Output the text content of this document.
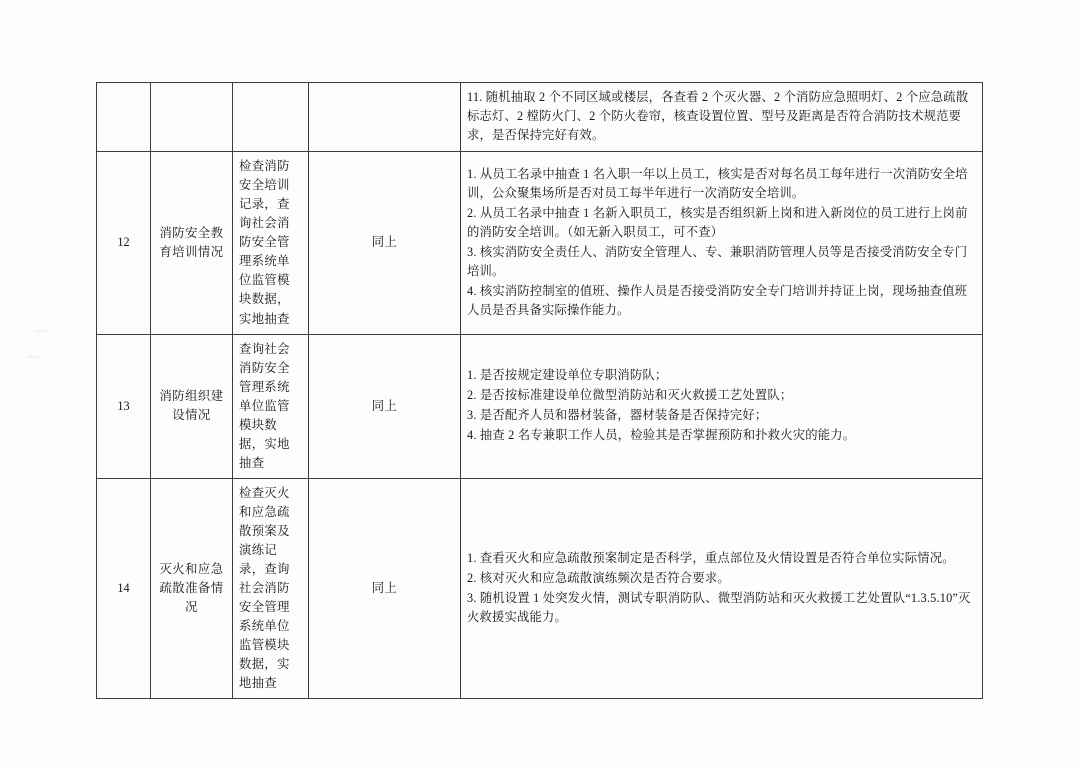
				11. 随机抽取 2 个不同区域或楼层，各查看 2 个灭火器、2 个消防应急照明灯、2 个应急疏散标志灯、2 樘防火门、2 个防火卷帘，核查设置位置、型号及距离是否符合消防技术规范要求，是否保持完好有效。

12	消防安全教育培训情况	检查消防安全培训记录，查询社会消防安全管理系统单位监管模块数据，实地抽查	同上	1. 从员工名录中抽查 1 名入职一年以上员工，核实是否对每名员工每年进行一次消防安全培训，公众聚集场所是否对员工每半年进行一次消防安全培训。

2. 从员工名录中抽查 1 名新入职员工，核实是否组织新上岗和进入新岗位的员工进行上岗前的消防安全培训。（如无新入职员工，可不查）

3. 核实消防安全责任人、消防安全管理人、专、兼职消防管理人员等是否接受消防安全专门培训。

4. 核实消防控制室的值班、操作人员是否接受消防安全专门培训并持证上岗，现场抽查值班人员是否具备实际操作能力。

13	消防组织建设情况	查询社会消防安全管理系统单位监管模块数据，实地抽查	同上	1. 是否按规定建设单位专职消防队；

2. 是否按标准建设单位微型消防站和灭火救援工艺处置队；

3. 是否配齐人员和器材装备，器材装备是否保持完好；

4. 抽查 2 名专兼职工作人员，检验其是否掌握预防和扑救火灾的能力。

14	灭火和应急疏散准备情况	检查灭火和应急疏散预案及演练记录，查询社会消防安全管理系统单位监管模块数据，实地抽查	同上	1. 查看灭火和应急疏散预案制定是否科学，重点部位及火情设置是否符合单位实际情况。

2. 核对灭火和应急疏散演练频次是否符合要求。

3. 随机设置 1 处突发火情，测试专职消防队、微型消防站和灭火救援工艺处置队“1.3.5.10”灭火救援实战能力。
